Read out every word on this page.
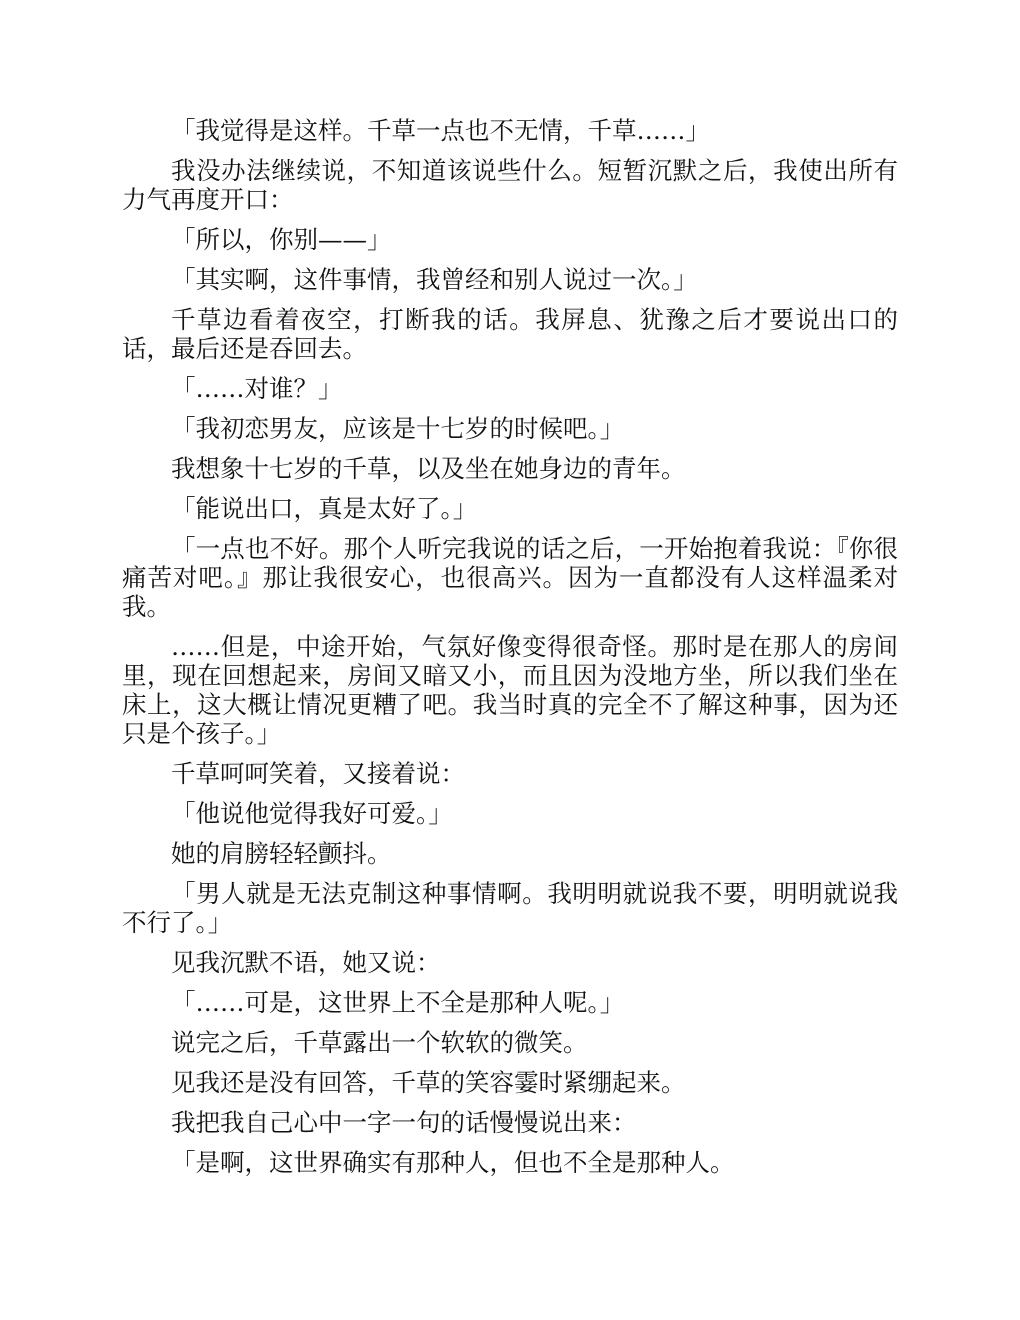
「我觉得是这样。千草一点也不无情，千草……」

我没办法继续说，不知道该说些什么。短暂沉默之后，我使出所有力气再度开口：

「所以，你别——」

「其实啊，这件事情，我曾经和别人说过一次。」

千草边看着夜空，打断我的话。我屏息、犹豫之后才要说出口的话，最后还是吞回去。

「……对谁？」

「我初恋男友，应该是十七岁的时候吧。」

我想象十七岁的千草，以及坐在她身边的青年。

「能说出口，真是太好了。」

「一点也不好。那个人听完我说的话之后，一开始抱着我说：『你很痛苦对吧。』那让我很安心，也很高兴。因为一直都没有人这样温柔对我。

……但是，中途开始，气氛好像变得很奇怪。那时是在那人的房间里，现在回想起来，房间又暗又小，而且因为没地方坐，所以我们坐在床上，这大概让情况更糟了吧。我当时真的完全不了解这种事，因为还只是个孩子。」

千草呵呵笑着，又接着说：

「他说他觉得我好可爱。」

她的肩膀轻轻颤抖。

「男人就是无法克制这种事情啊。我明明就说我不要，明明就说我不行了。」

见我沉默不语，她又说：

「……可是，这世界上不全是那种人呢。」

说完之后，千草露出一个软软的微笑。

见我还是没有回答，千草的笑容霎时紧绷起来。

我把我自己心中一字一句的话慢慢说出来：

「是啊，这世界确实有那种人，但也不全是那种人。
